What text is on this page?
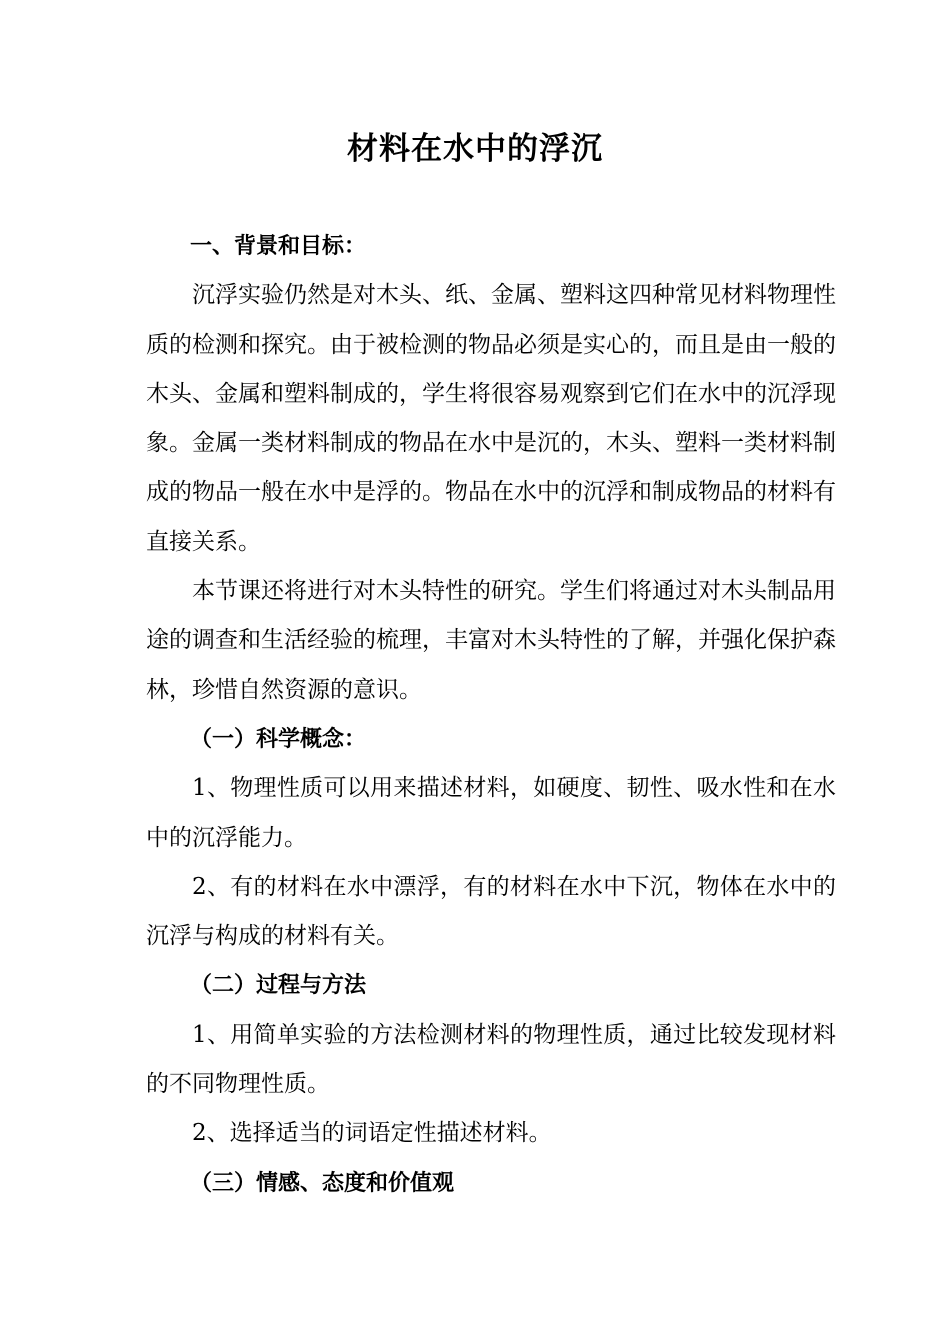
材料在水中的浮沉

一、背景和目标：

沉浮实验仍然是对木头、纸、金属、塑料这四种常见材料物理性质的检测和探究。由于被检测的物品必须是实心的，而且是由一般的木头、金属和塑料制成的，学生将很容易观察到它们在水中的沉浮现象。金属一类材料制成的物品在水中是沉的，木头、塑料一类材料制成的物品一般在水中是浮的。物品在水中的沉浮和制成物品的材料有直接关系。

本节课还将进行对木头特性的研究。学生们将通过对木头制品用途的调查和生活经验的梳理，丰富对木头特性的了解，并强化保护森林，珍惜自然资源的意识。

（一）科学概念：

1、物理性质可以用来描述材料，如硬度、韧性、吸水性和在水中的沉浮能力。

2、有的材料在水中漂浮，有的材料在水中下沉，物体在水中的沉浮与构成的材料有关。

（二）过程与方法

1、用简单实验的方法检测材料的物理性质，通过比较发现材料的不同物理性质。

2、选择适当的词语定性描述材料。

（三）情感、态度和价值观
